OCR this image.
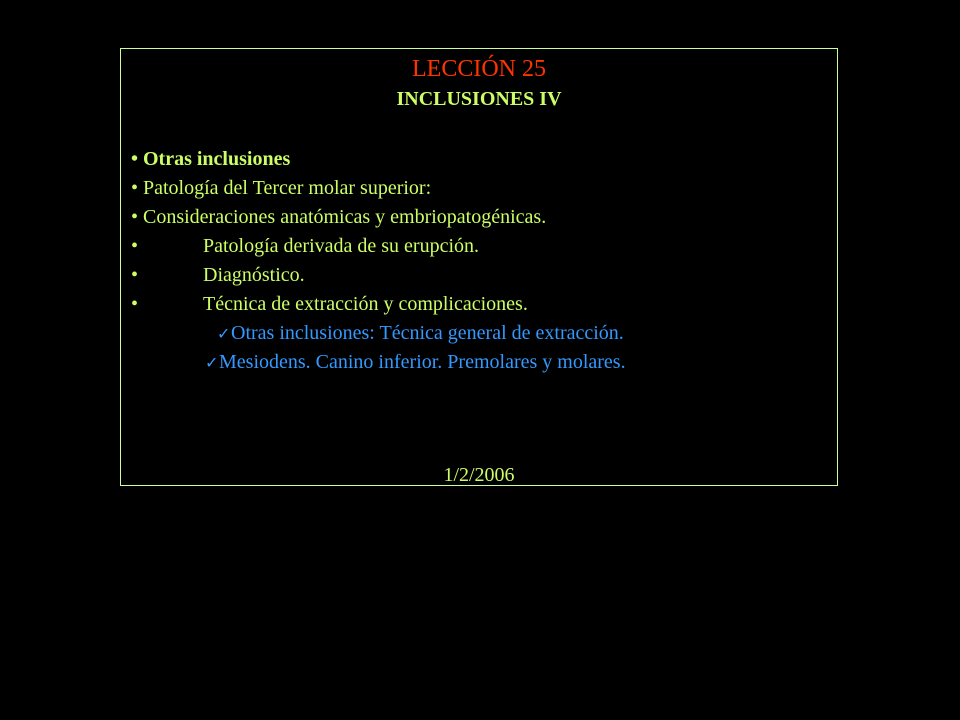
LECCIÓN 25
INCLUSIONES IV
• Otras inclusiones
• Patología del Tercer molar superior:
• Consideraciones anatómicas y embriopatogénicas.
•	Patología derivada de su erupción.
•	Diagnóstico.
•	Técnica de extracción y complicaciones.
✓Otras inclusiones: Técnica general de extracción.
✓Mesiodens. Canino inferior. Premolares y molares.
1/2/2006
